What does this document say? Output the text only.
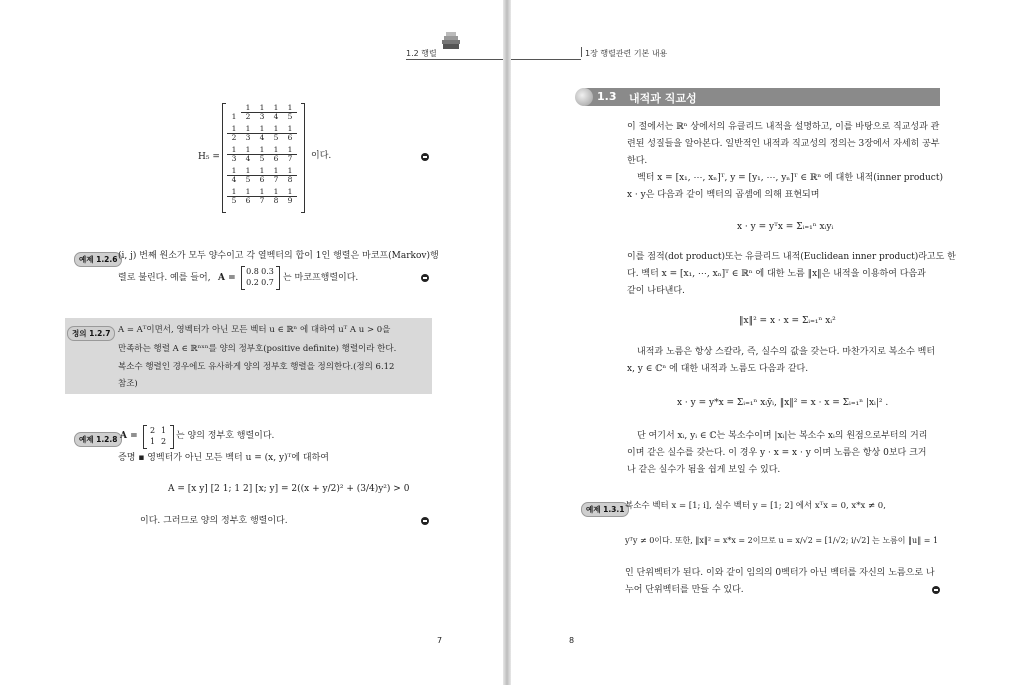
1.2 행렬
H₅ =
$1 \frac{1}{2} \frac{1}{3} \frac{1}{4} \frac{1}{5}$
$\frac{1}{2} \frac{1}{3} \frac{1}{4} \frac{1}{5} \frac{1}{6}$
$\frac{1}{3} \frac{1}{4} \frac{1}{5} \frac{1}{6} \frac{1}{7}$
$\frac{1}{4} \frac{1}{5} \frac{1}{6} \frac{1}{7} \frac{1}{8}$
$\frac{1}{5} \frac{1}{6} \frac{1}{7} \frac{1}{8} \frac{1}{9}$
이다.
예제 1.2.6 (i, j) 번째 원소가 모두 양수이고 각 열벡터의 합이 1인 행렬은 마코프(Markov)행
렬로 불린다. 예를 들어, A =
0.8 0.3
0.2 0.7	는 마코프행렬이다.
정의 1.2.7 A = Aᵀ이면서, 영벡터가 아닌 모든 벡터 u ∈ ℝⁿ 에 대하여 uᵀ A u > 0을
만족하는 행렬 A ∈ ℝⁿˣⁿ를 양의 정부호(positive definite) 행렬이라 한다.
복소수 행렬인 경우에도 유사하게 양의 정부호 행렬을 정의한다.(정의 6.12
참조)
예제 1.2.8 A =
2 1
1 2
는 양의 정부호 행렬이다.
증명 ▪ 영벡터가 아닌 모든 벡터 u = (x, y)ᵀ에 대하여
A = [x y] [2 1; 1 2] [x; y] = 2((x + y/2)² + (3/4)y²) > 0
이다. 그러므로 양의 정부호 행렬이다.
7
1장 행렬관련 기본 내용
1.3 내적과 직교성
이 절에서는 ℝⁿ 상에서의 유클리드 내적을 설명하고, 이를 바탕으로 직교성과 관
련된 성질들을 알아본다. 일반적인 내적과 직교성의 정의는 3장에서 자세히 공부
한다.
벡터 x = [x₁, ⋯, xₙ]ᵀ, y = [y₁, ⋯, yₙ]ᵀ ∈ ℝⁿ 에 대한 내적(inner product)
x · y은 다음과 같이 벡터의 곱셈에 의해 표현되며
x · y = yᵀx = Σᵢ₌₁ⁿ xᵢyᵢ
이를 점적(dot product)또는 유클리드 내적(Euclidean inner product)라고도 한
다. 벡터 x = [x₁, ⋯, xₙ]ᵀ ∈ ℝⁿ 에 대한 노름 ‖x‖은 내적을 이용하여 다음과
같이 나타낸다.
‖x‖² = x · x = Σᵢ₌₁ⁿ xᵢ²
내적과 노름은 항상 스칼라, 즉, 실수의 값을 갖는다. 마찬가지로 복소수 벡터
x, y ∈ ℂⁿ 에 대한 내적과 노름도 다음과 같다.
x · y = y*x = Σᵢ₌₁ⁿ xᵢȳᵢ, ‖x‖² = x · x = Σᵢ₌₁ⁿ |xᵢ|² .
단 여기서 xᵢ, yᵢ ∈ ℂ는 복소수이며 |xᵢ|는 복소수 xᵢ의 원점으로부터의 거리
이며 같은 실수를 갖는다. 이 경우 y · x = x · y 이며 노름은 항상 0보다 크거
나 같은 실수가 됨을 쉽게 보일 수 있다.
예제 1.3.1 복소수 벡터 x = [1; i], 실수 벡터 y = [1; 2] 에서 xᵀx = 0, x*x ≠ 0,
yᵀy ≠ 0이다. 또한, ‖x‖² = x*x = 2이므로 u = x/√2 = [1/√2; i/√2] 는 노름이 ‖u‖ = 1
인 단위벡터가 된다. 이와 같이 임의의 0벡터가 아닌 벡터를 자신의 노름으로 나
누어 단위벡터를 만들 수 있다.
8
